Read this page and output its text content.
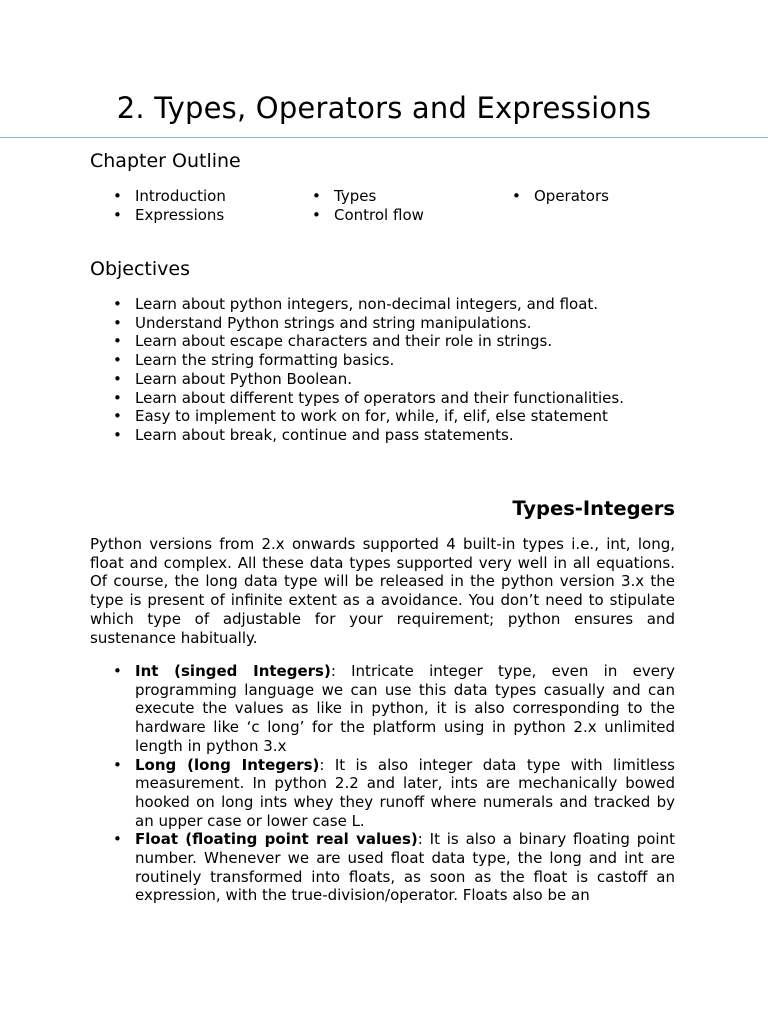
2. Types, Operators and Expressions
Chapter Outline
• Introduction	• Types	• Operators
• Expressions	• Control flow
Objectives
• Learn about python integers, non-decimal integers, and float.
• Understand Python strings and string manipulations.
• Learn about escape characters and their role in strings.
• Learn the string formatting basics.
• Learn about Python Boolean.
• Learn about different types of operators and their functionalities.
• Easy to implement to work on for, while, if, elif, else statement
• Learn about break, continue and pass statements.
Types-Integers

Python versions from 2.x onwards supported 4 built-in types i.e., int, long, float and complex. All these data types supported very well in all equations. Of course, the long data type will be released in the python version 3.x the type is present of infinite extent as a avoidance. You don’t need to stipulate which type of adjustable for your requirement; python ensures and sustenance habitually.

• Int (singed Integers): Intricate integer type, even in every programming language we can use this data types casually and can execute the values as like in python, it is also corresponding to the hardware like ‘c long’ for the platform using in python 2.x unlimited length in python 3.x
• Long (long Integers): It is also integer data type with limitless measurement. In python 2.2 and later, ints are mechanically bowed hooked on long ints whey they runoff where numerals and tracked by an upper case or lower case L.
• Float (floating point real values): It is also a binary floating point number. Whenever we are used float data type, the long and int are routinely transformed into floats, as soon as the float is castoff an expression, with the true-division/operator. Floats also be an
